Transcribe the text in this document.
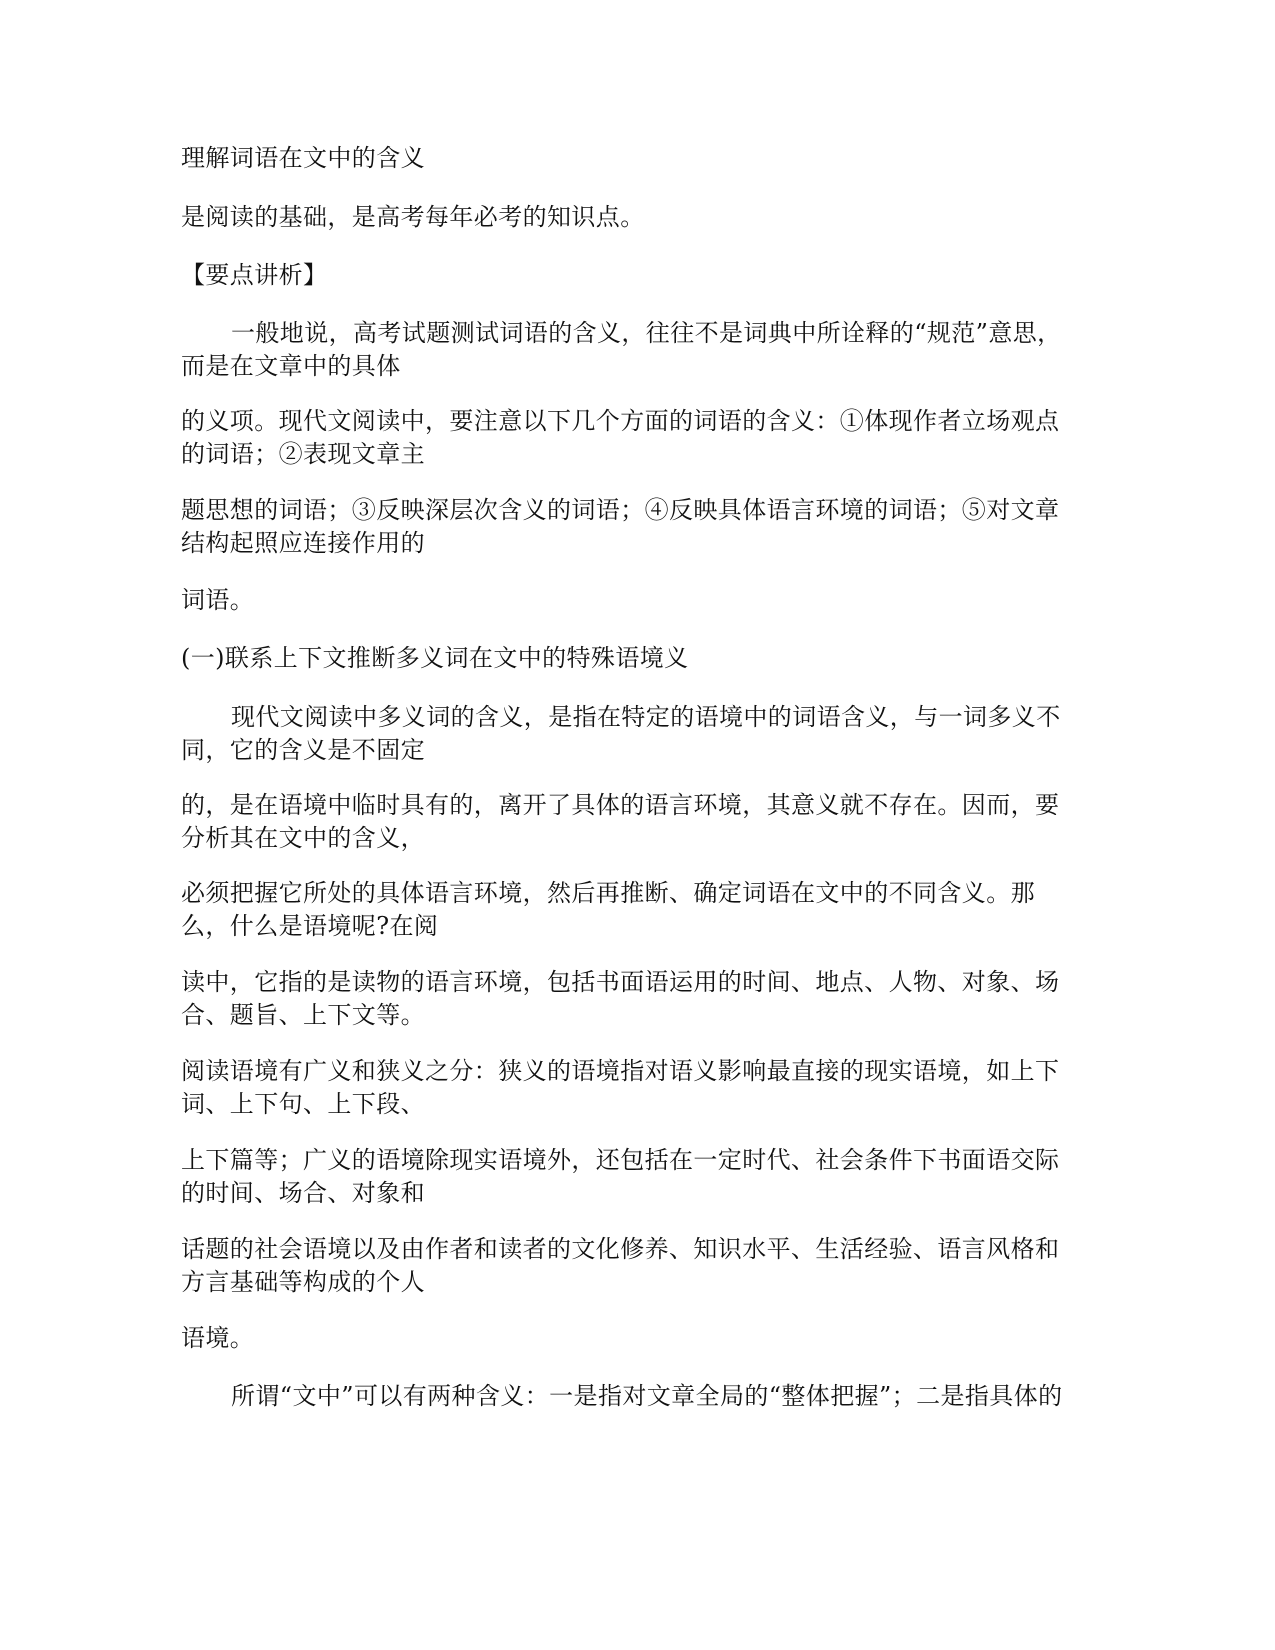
理解词语在文中的含义

是阅读的基础，是高考每年必考的知识点。

【要点讲析】

一般地说，高考试题测试词语的含义，往往不是词典中所诠释的“规范”意思，而是在文章中的具体

的义项。现代文阅读中，要注意以下几个方面的词语的含义：①体现作者立场观点的词语；②表现文章主

题思想的词语；③反映深层次含义的词语；④反映具体语言环境的词语；⑤对文章结构起照应连接作用的

词语。

(一)联系上下文推断多义词在文中的特殊语境义

现代文阅读中多义词的含义，是指在特定的语境中的词语含义，与一词多义不同，它的含义是不固定

的，是在语境中临时具有的，离开了具体的语言环境，其意义就不存在。因而，要分析其在文中的含义，

必须把握它所处的具体语言环境，然后再推断、确定词语在文中的不同含义。那么，什么是语境呢?在阅

读中，它指的是读物的语言环境，包括书面语运用的时间、地点、人物、对象、场合、题旨、上下文等。

阅读语境有广义和狭义之分：狭义的语境指对语义影响最直接的现实语境，如上下词、上下句、上下段、

上下篇等；广义的语境除现实语境外，还包括在一定时代、社会条件下书面语交际的时间、场合、对象和

话题的社会语境以及由作者和读者的文化修养、知识水平、生活经验、语言风格和方言基础等构成的个人

语境。

所谓“文中”可以有两种含义：一是指对文章全局的“整体把握”；二是指具体的
